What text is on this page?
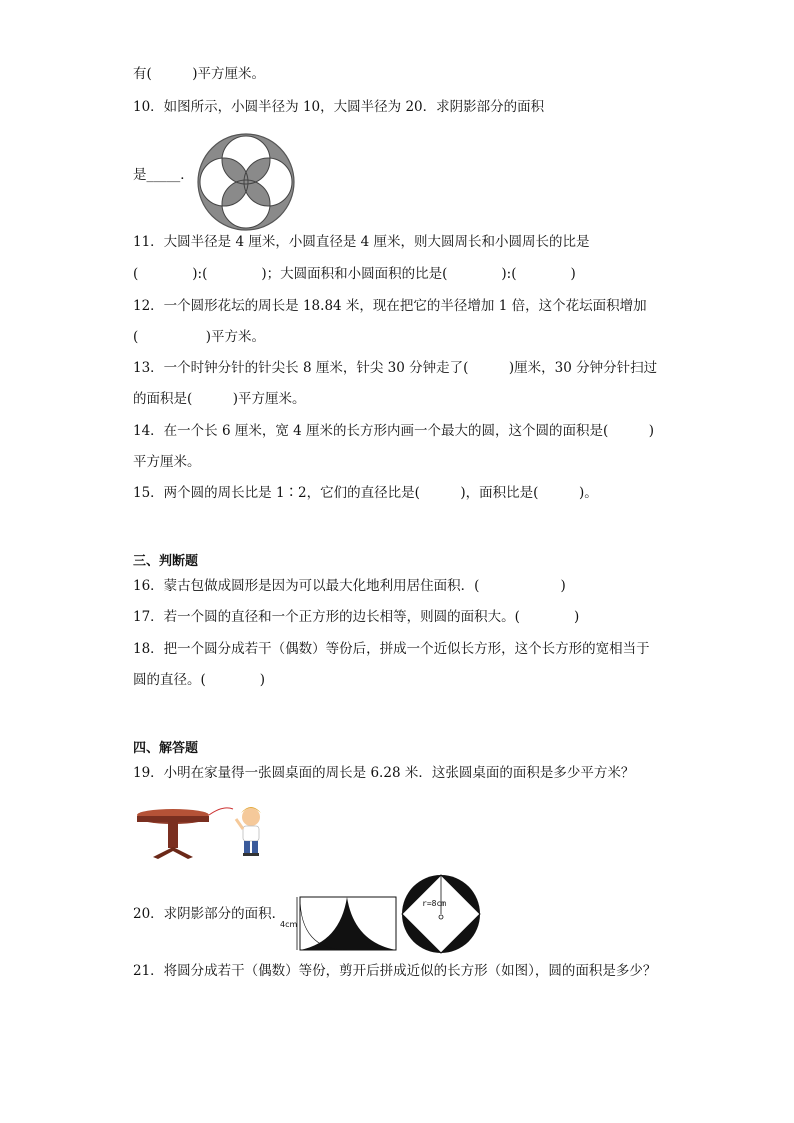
有(　　　)平方厘米。
10．如图所示，小圆半径为 10，大圆半径为 20．求阴影部分的面积
是_____．
11．大圆半径是 4 厘米，小圆直径是 4 厘米，则大圆周长和小圆周长的比是
(　　　　):(　　　　)；大圆面积和小圆面积的比是(　　　　):(　　　　)
12．一个圆形花坛的周长是 18.84 米，现在把它的半径增加 1 倍，这个花坛面积增加
(　　　　　)平方米。
13．一个时钟分针的针尖长 8 厘米，针尖 30 分钟走了(　　　)厘米，30 分钟分针扫过
的面积是(　　　)平方厘米。
14．在一个长 6 厘米，宽 4 厘米的长方形内画一个最大的圆，这个圆的面积是(　　　)
平方厘米。
15．两个圆的周长比是 1∶2，它们的直径比是(　　　)，面积比是(　　　)。
三、判断题
16．蒙古包做成圆形是因为可以最大化地利用居住面积．(　　　　　　)
17．若一个圆的直径和一个正方形的边长相等，则圆的面积大。(　　　　)
18．把一个圆分成若干（偶数）等份后，拼成一个近似长方形，这个长方形的宽相当于
圆的直径。(　　　　)
四、解答题
19．小明在家量得一张圆桌面的周长是 6.28 米．这张圆桌面的面积是多少平方米？
20．求阴影部分的面积．
21．将圆分成若干（偶数）等份，剪开后拼成近似的长方形（如图），圆的面积是多少？
4cm
r=8cm
